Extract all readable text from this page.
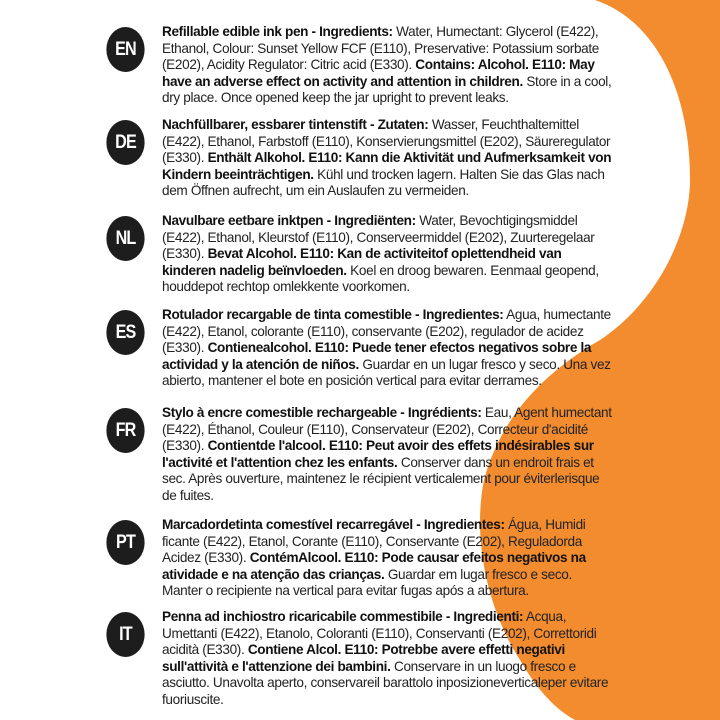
EN

Refillable edible ink pen - Ingredients: Water, Humectant: Glycerol (E422), Ethanol, Colour: Sunset Yellow FCF (E110), Preservative: Potassium sorbate (E202), Acidity Regulator: Citric acid (E330). Contains: Alcohol. E110: May have an adverse effect on activity and attention in children. Store in a cool, dry place. Once opened keep the jar upright to prevent leaks.

DE

Nachfüllbarer, essbarer tintenstift - Zutaten: Wasser, Feuchthaltemittel (E422), Ethanol, Farbstoff (E110), Konservierungsmittel (E202), Säureregulator (E330). Enthält Alkohol. E110: Kann die Aktivität und Aufmerksamkeit von Kindern beeinträchtigen. Kühl und trocken lagern. Halten Sie das Glas nach dem Öffnen aufrecht, um ein Auslaufen zu vermeiden.

NL

Navulbare eetbare inktpen - Ingrediënten: Water, Bevochtigingsmiddel (E422), Ethanol, Kleurstof (E110), Conserveermiddel (E202), Zuurteregelaar (E330). Bevat Alcohol. E110: Kan de activiteitof oplettendheid van kinderen nadelig beïnvloeden. Koel en droog bewaren. Eenmaal geopend, houddepot rechtop omlekkente voorkomen.

ES

Rotulador recargable de tinta comestible - Ingredientes: Agua, humectante (E422), Etanol, colorante (E110), conservante (E202), regulador de acidez (E330). Contienealcohol. E110: Puede tener efectos negativos sobre la actividad y la atención de niños. Guardar en un lugar fresco y seco. Una vez abierto, mantener el bote en posición vertical para evitar derrames.

FR

Stylo à encre comestible rechargeable - Ingrédients: Eau, Agent humectant (E422), Éthanol, Couleur (E110), Conservateur (E202), Correcteur d'acidité (E330). Contientde l'alcool. E110: Peut avoir des effets indésirables sur l'activité et l'attention chez les enfants. Conserver dans un endroit frais et sec. Après ouverture, maintenez le récipient verticalement pour éviterlerisque de fuites.

PT

Marcadordetinta comestível recarregável - Ingredientes: Água, Humidi ficante (E422), Etanol, Corante (E110), Conservante (E202), Reguladorda Acidez (E330). ContémAlcool. E110: Pode causar efeitos negativos na atividade e na atenção das crianças. Guardar em lugar fresco e seco. Manter o recipiente na vertical para evitar fugas após a abertura.

IT

Penna ad inchiostro ricaricabile commestibile - Ingredienti: Acqua, Umettanti (E422), Etanolo, Coloranti (E110), Conservanti (E202), Correttoridi acidità (E330). Contiene Alcol. E110: Potrebbe avere effetti negativi sull'attività e l'attenzione dei bambini. Conservare in un luogo fresco e asciutto. Unavolta aperto, conservareil barattolo inposizioneverticaleper evitare fuoriuscite.
